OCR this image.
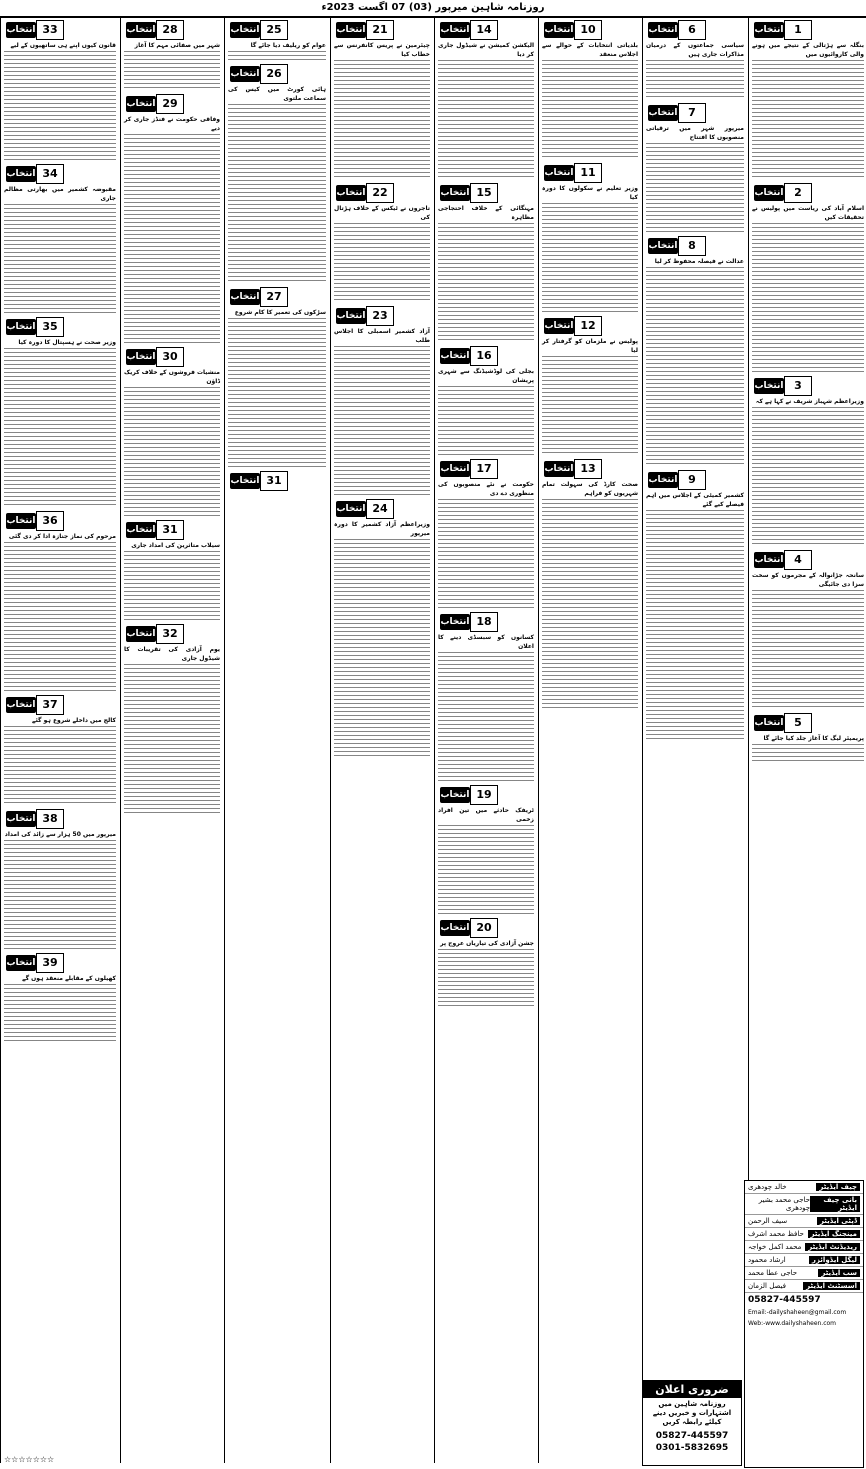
روزنامہ شاہین میرپور (03) 07 اگست 2023ء
1
انتخاب
بنگلہ سے ہڑتالی کے نتیجے میں ہونے والی کاروائیوں میں
2
انتخاب
اسلام آباد کی ریاست میں پولیس نے تحقیقات کیں
3
انتخاب
وزیراعظم شہباز شریف نے کہا ہے کہ
4
انتخاب
سانحہ جڑانوالہ کے مجرموں کو سخت سزا دی جائیگی
5
انتخاب
پریمیئر لیگ کا آغاز جلد کیا جائے گا
6
انتخاب
سیاسی جماعتوں کے درمیان مذاکرات جاری ہیں
7
انتخاب
میرپور شہر میں ترقیاتی منصوبوں کا افتتاح
8
انتخاب
عدالت نے فیصلہ محفوظ کر لیا
9
انتخاب
کشمیر کمیٹی کے اجلاس میں اہم فیصلے کیے گئے
10
انتخاب
بلدیاتی انتخابات کے حوالے سے اجلاس منعقد
11
انتخاب
وزیر تعلیم نے سکولوں کا دورہ کیا
12
انتخاب
پولیس نے ملزمان کو گرفتار کر لیا
13
انتخاب
صحت کارڈ کی سہولت تمام شہریوں کو فراہم
14
انتخاب
الیکشن کمیشن نے شیڈول جاری کر دیا
15
انتخاب
مہنگائی کے خلاف احتجاجی مظاہرہ
16
انتخاب
بجلی کی لوڈشیڈنگ سے شہری پریشان
17
انتخاب
حکومت نے نئے منصوبوں کی منظوری دے دی
18
انتخاب
کسانوں کو سبسڈی دینے کا اعلان
19
انتخاب
ٹریفک حادثے میں تین افراد زخمی
20
انتخاب
جشن آزادی کی تیاریاں عروج پر
21
انتخاب
چیئرمین نے پریس کانفرنس سے خطاب کیا
22
انتخاب
تاجروں نے ٹیکس کے خلاف ہڑتال کی
23
انتخاب
آزاد کشمیر اسمبلی کا اجلاس طلب
24
انتخاب
وزیراعظم آزاد کشمیر کا دورہ میرپور
25
انتخاب
عوام کو ریلیف دیا جائے گا
26
انتخاب
ہائی کورٹ میں کیس کی سماعت ملتوی
27
انتخاب
سڑکوں کی تعمیر کا کام شروع
31
انتخاب
28
انتخاب
شہر میں صفائی مہم کا آغاز
29
انتخاب
وفاقی حکومت نے فنڈز جاری کر دیے
30
انتخاب
منشیات فروشوں کے خلاف کریک ڈاؤن
31
انتخاب
سیلاب متاثرین کی امداد جاری
32
انتخاب
یوم آزادی کی تقریبات کا شیڈول جاری
33
انتخاب
قانون کیوں اپنے ہی ساتھیوں کے لیے
34
انتخاب
مقبوضہ کشمیر میں بھارتی مظالم جاری
35
انتخاب
وزیر صحت نے ہسپتال کا دورہ کیا
36
انتخاب
مرحوم کی نماز جنازہ ادا کر دی گئی
37
انتخاب
کالج میں داخلے شروع ہو گئے
38
انتخاب
میرپور میں 50 ہزار سے زائد کی امداد
39
انتخاب
کھیلوں کے مقابلے منعقد ہوں گے
ضروری اعلان
روزنامہ شاہین میں اشتہارات و خبریں دینے کیلئے رابطہ کریں
05827-445597
0301-5832695
چیف ایڈیٹر
خالد چودھری
بانی چیف ایڈیٹر
حاجی محمد بشیر چودھری
ڈپٹی ایڈیٹر
سیف الرحمن
مینجنگ ایڈیٹر
حافظ محمد اشرف
ریذیڈنٹ ایڈیٹر
محمد اکمل خواجہ
لیگل ایڈوائزر
ارشاد محمود
سب ایڈیٹر
حاجی عطا محمد
اسسٹنٹ ایڈیٹر
فیصل الزمان
05827-445597
Email:-dailyshaheen@gmail.com
Web:-www.dailyshaheen.com
☆☆☆☆☆☆☆
